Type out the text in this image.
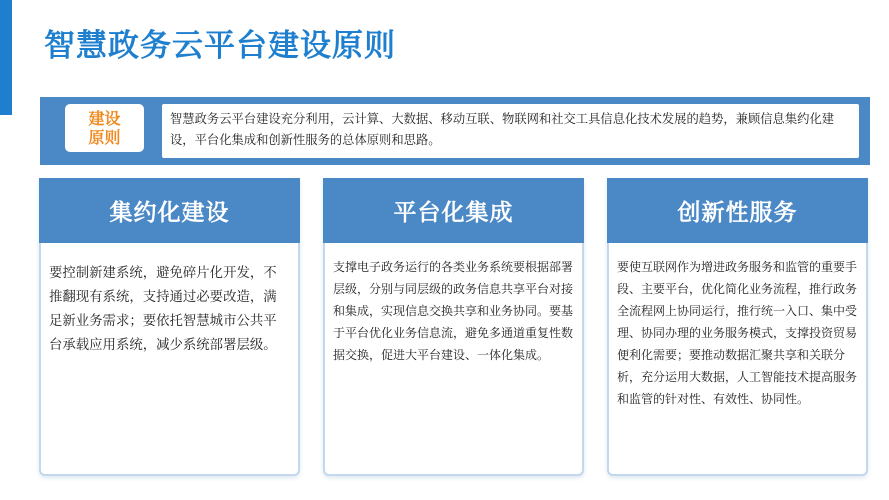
智慧政务云平台建设原则
建设原则
智慧政务云平台建设充分利用，云计算、大数据、移动互联、物联网和社交工具信息化技术发展的趋势，兼顾信息集约化建设，平台化集成和创新性服务的总体原则和思路。
集约化建设
要控制新建系统，避免碎片化开发，不推翻现有系统，支持通过必要改造，满足新业务需求；要依托智慧城市公共平台承载应用系统，减少系统部署层级。
平台化集成
支撑电子政务运行的各类业务系统要根据部署层级，分别与同层级的政务信息共享平台对接和集成，实现信息交换共享和业务协同。要基于平台优化业务信息流，避免多通道重复性数据交换，促进大平台建设、一体化集成。
创新性服务
要使互联网作为增进政务服务和监管的重要手段、主要平台，优化简化业务流程，推行政务全流程网上协同运行，推行统一入口、集中受理、协同办理的业务服务模式，支撑投资贸易便利化需要；要推动数据汇聚共享和关联分析，充分运用大数据，人工智能技术提高服务和监管的针对性、有效性、协同性。
